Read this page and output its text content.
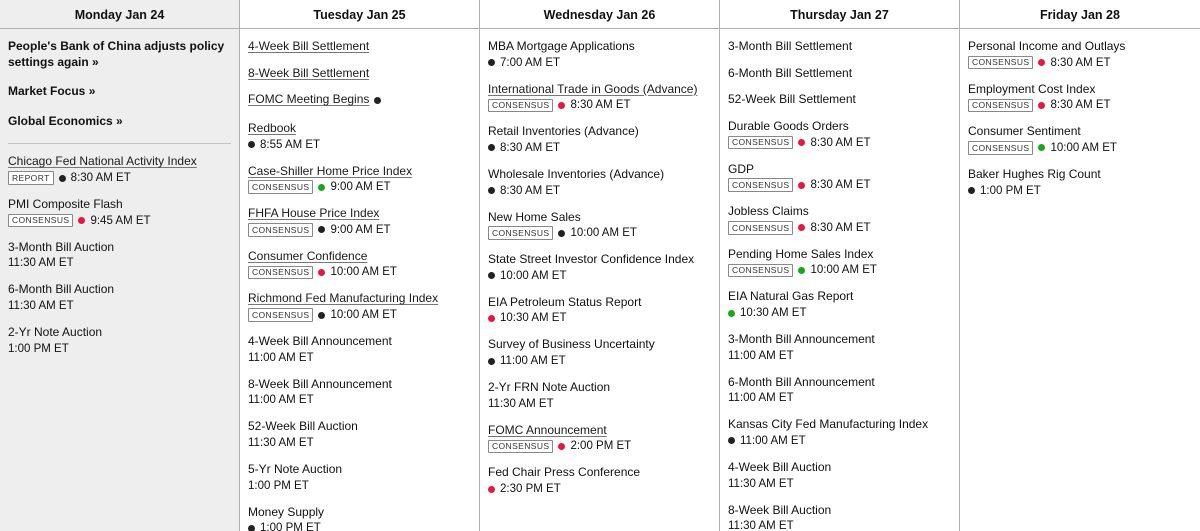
Monday Jan 24
People's Bank of China adjusts policy settings again »
Market Focus »
Global Economics »
Chicago Fed National Activity Index
REPORT	8:30 AM ET
PMI Composite Flash
CONSENSUS	9:45 AM ET
3-Month Bill Auction
11:30 AM ET
6-Month Bill Auction
11:30 AM ET
2-Yr Note Auction
1:00 PM ET
Tuesday Jan 25
4-Week Bill Settlement
8-Week Bill Settlement
FOMC Meeting Begins
Redbook
8:55 AM ET
Case-Shiller Home Price Index
CONSENSUS	9:00 AM ET
FHFA House Price Index
CONSENSUS	9:00 AM ET
Consumer Confidence
CONSENSUS	10:00 AM ET
Richmond Fed Manufacturing Index
CONSENSUS	10:00 AM ET
4-Week Bill Announcement
11:00 AM ET
8-Week Bill Announcement
11:00 AM ET
52-Week Bill Auction
11:30 AM ET
5-Yr Note Auction
1:00 PM ET
Money Supply
1:00 PM ET
Wednesday Jan 26
MBA Mortgage Applications
7:00 AM ET
International Trade in Goods (Advance)
CONSENSUS	8:30 AM ET
Retail Inventories (Advance)
8:30 AM ET
Wholesale Inventories (Advance)
8:30 AM ET
New Home Sales
CONSENSUS	10:00 AM ET
State Street Investor Confidence Index
10:00 AM ET
EIA Petroleum Status Report
10:30 AM ET
Survey of Business Uncertainty
11:00 AM ET
2-Yr FRN Note Auction
11:30 AM ET
FOMC Announcement
CONSENSUS	2:00 PM ET
Fed Chair Press Conference
2:30 PM ET
Thursday Jan 27
3-Month Bill Settlement
6-Month Bill Settlement
52-Week Bill Settlement
Durable Goods Orders
CONSENSUS	8:30 AM ET
GDP
CONSENSUS	8:30 AM ET
Jobless Claims
CONSENSUS	8:30 AM ET
Pending Home Sales Index
CONSENSUS	10:00 AM ET
EIA Natural Gas Report
10:30 AM ET
3-Month Bill Announcement
11:00 AM ET
6-Month Bill Announcement
11:00 AM ET
Kansas City Fed Manufacturing Index
11:00 AM ET
4-Week Bill Auction
11:30 AM ET
8-Week Bill Auction
11:30 AM ET
Friday Jan 28
Personal Income and Outlays
CONSENSUS	8:30 AM ET
Employment Cost Index
CONSENSUS	8:30 AM ET
Consumer Sentiment
CONSENSUS	10:00 AM ET
Baker Hughes Rig Count
1:00 PM ET
